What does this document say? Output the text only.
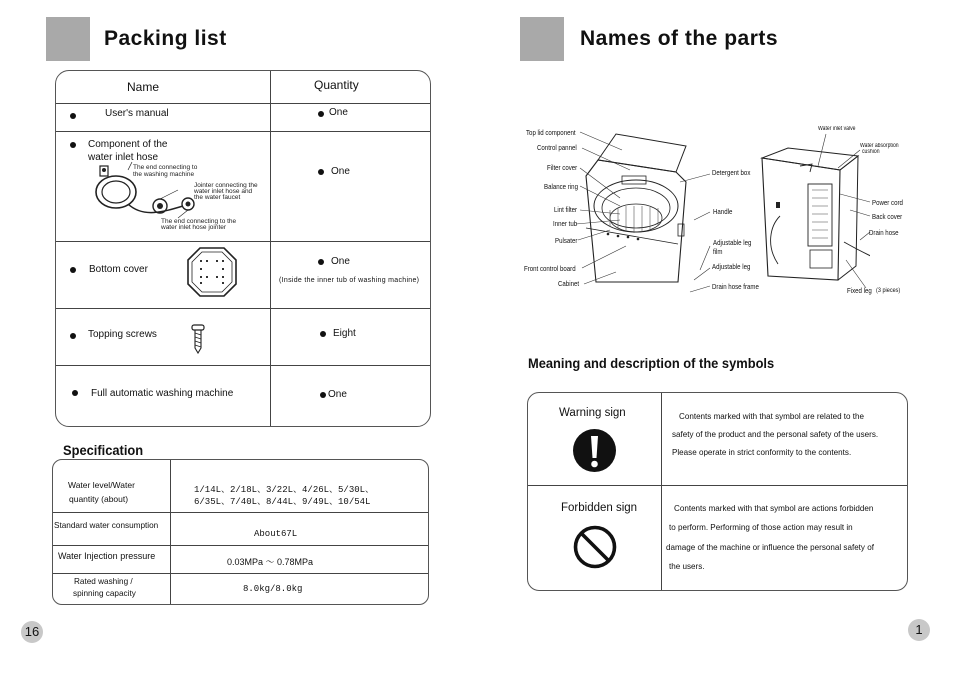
Packing list
Name	Quantity
User's manual	One
Component of the
water inlet hose
One
The end connecting to
the washing machine
Jointer connecting the
water inlet hose and
the water faucet
The end connecting to the
water inlet hose jointer
Bottom cover
One
(Inside the inner tub of washing machine)
Topping screws	Eight
Full automatic washing machine	One
Specification
Water level/Water
quantity (about)
1/14L、2/18L、3/22L、4/26L、5/30L、
6/35L、7/40L、8/44L、9/49L、10/54L
Standard water consumption
About67L
Water Injection pressure
0.03MPa ～ 0.78MPa
Rated washing /
spinning capacity	8.0kg/8.0kg
16
Names of the parts
Top lid component
Control pannel
Filter cover
Balance ring
Lint filter
Inner tub
Pulsater
Front control board
Cabinet
Detergent box
Handle
Adjustable leg
film
Adjustable leg
Drain hose frame
Water inlet valve
Water absorption
cushion
Power cord
Back cover
Drain hose
Fixed leg (3 pieces)
Meaning and description of the symbols
Warning sign	Contents marked with that symbol are related to the
safety of the product and the personal safety of the users.
Please operate in strict conformity to the contents.
Forbidden sign	Contents marked with that symbol are actions forbidden
to perform. Performing of those action may result in
damage of the machine or influence the personal safety of
the users.
1
